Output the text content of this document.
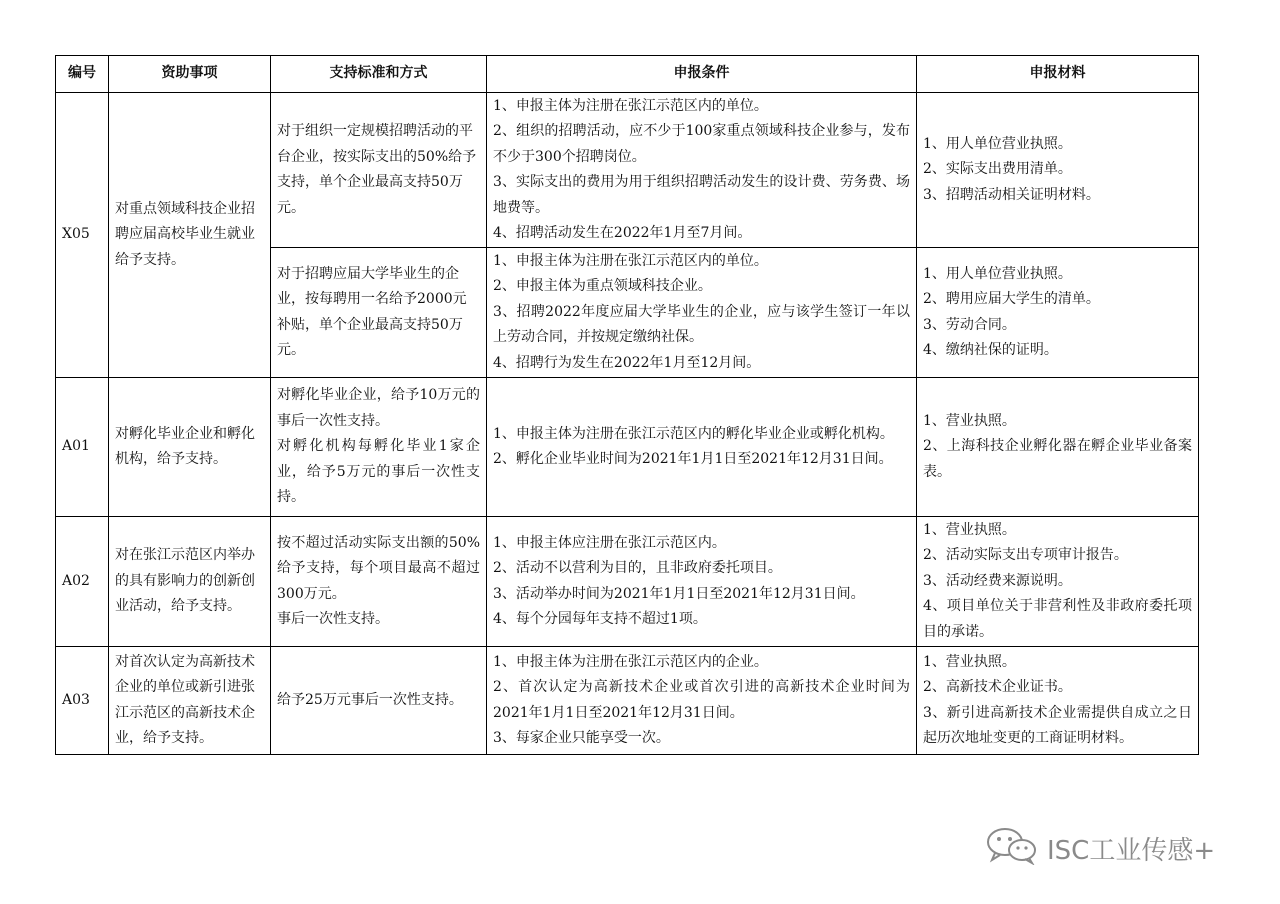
编号	资助事项	支持标准和方式	申报条件	申报材料
X05	对重点领域科技企业招聘应届高校毕业生就业给予支持。	对于组织一定规模招聘活动的平台企业，按实际支出的50%给予支持，单个企业最高支持50万元。	1、申报主体为注册在张江示范区内的单位。
2、组织的招聘活动，应不少于100家重点领域科技企业参与，发布不少于300个招聘岗位。
3、实际支出的费用为用于组织招聘活动发生的设计费、劳务费、场地费等。
4、招聘活动发生在2022年1月至7月间。	1、用人单位营业执照。
2、实际支出费用清单。
3、招聘活动相关证明材料。

		对于招聘应届大学毕业生的企业，按每聘用一名给予2000元补贴，单个企业最高支持50万元。	1、申报主体为注册在张江示范区内的单位。
2、申报主体为重点领域科技企业。
3、招聘2022年度应届大学毕业生的企业，应与该学生签订一年以上劳动合同，并按规定缴纳社保。
4、招聘行为发生在2022年1月至12月间。	1、用人单位营业执照。
2、聘用应届大学生的清单。
3、劳动合同。
4、缴纳社保的证明。

A01	对孵化毕业企业和孵化机构，给予支持。	对孵化毕业企业，给予10万元的事后一次性支持。
对孵化机构每孵化毕业1家企业，给予5万元的事后一次性支持。	1、申报主体为注册在张江示范区内的孵化毕业企业或孵化机构。
2、孵化企业毕业时间为2021年1月1日至2021年12月31日间。	1、营业执照。
2、上海科技企业孵化器在孵企业毕业备案表。

A02	对在张江示范区内举办的具有影响力的创新创业活动，给予支持。	按不超过活动实际支出额的50%给予支持，每个项目最高不超过300万元。
事后一次性支持。	1、申报主体应注册在张江示范区内。
2、活动不以营利为目的，且非政府委托项目。
3、活动举办时间为2021年1月1日至2021年12月31日间。
4、每个分园每年支持不超过1项。	1、营业执照。
2、活动实际支出专项审计报告。
3、活动经费来源说明。
4、项目单位关于非营利性及非政府委托项目的承诺。

A03	对首次认定为高新技术企业的单位或新引进张江示范区的高新技术企业，给予支持。	给予25万元事后一次性支持。	1、申报主体为注册在张江示范区内的企业。
2、首次认定为高新技术企业或首次引进的高新技术企业时间为2021年1月1日至2021年12月31日间。
3、每家企业只能享受一次。	1、营业执照。
2、高新技术企业证书。
3、新引进高新技术企业需提供自成立之日起历次地址变更的工商证明材料。
ISC工业传感+
